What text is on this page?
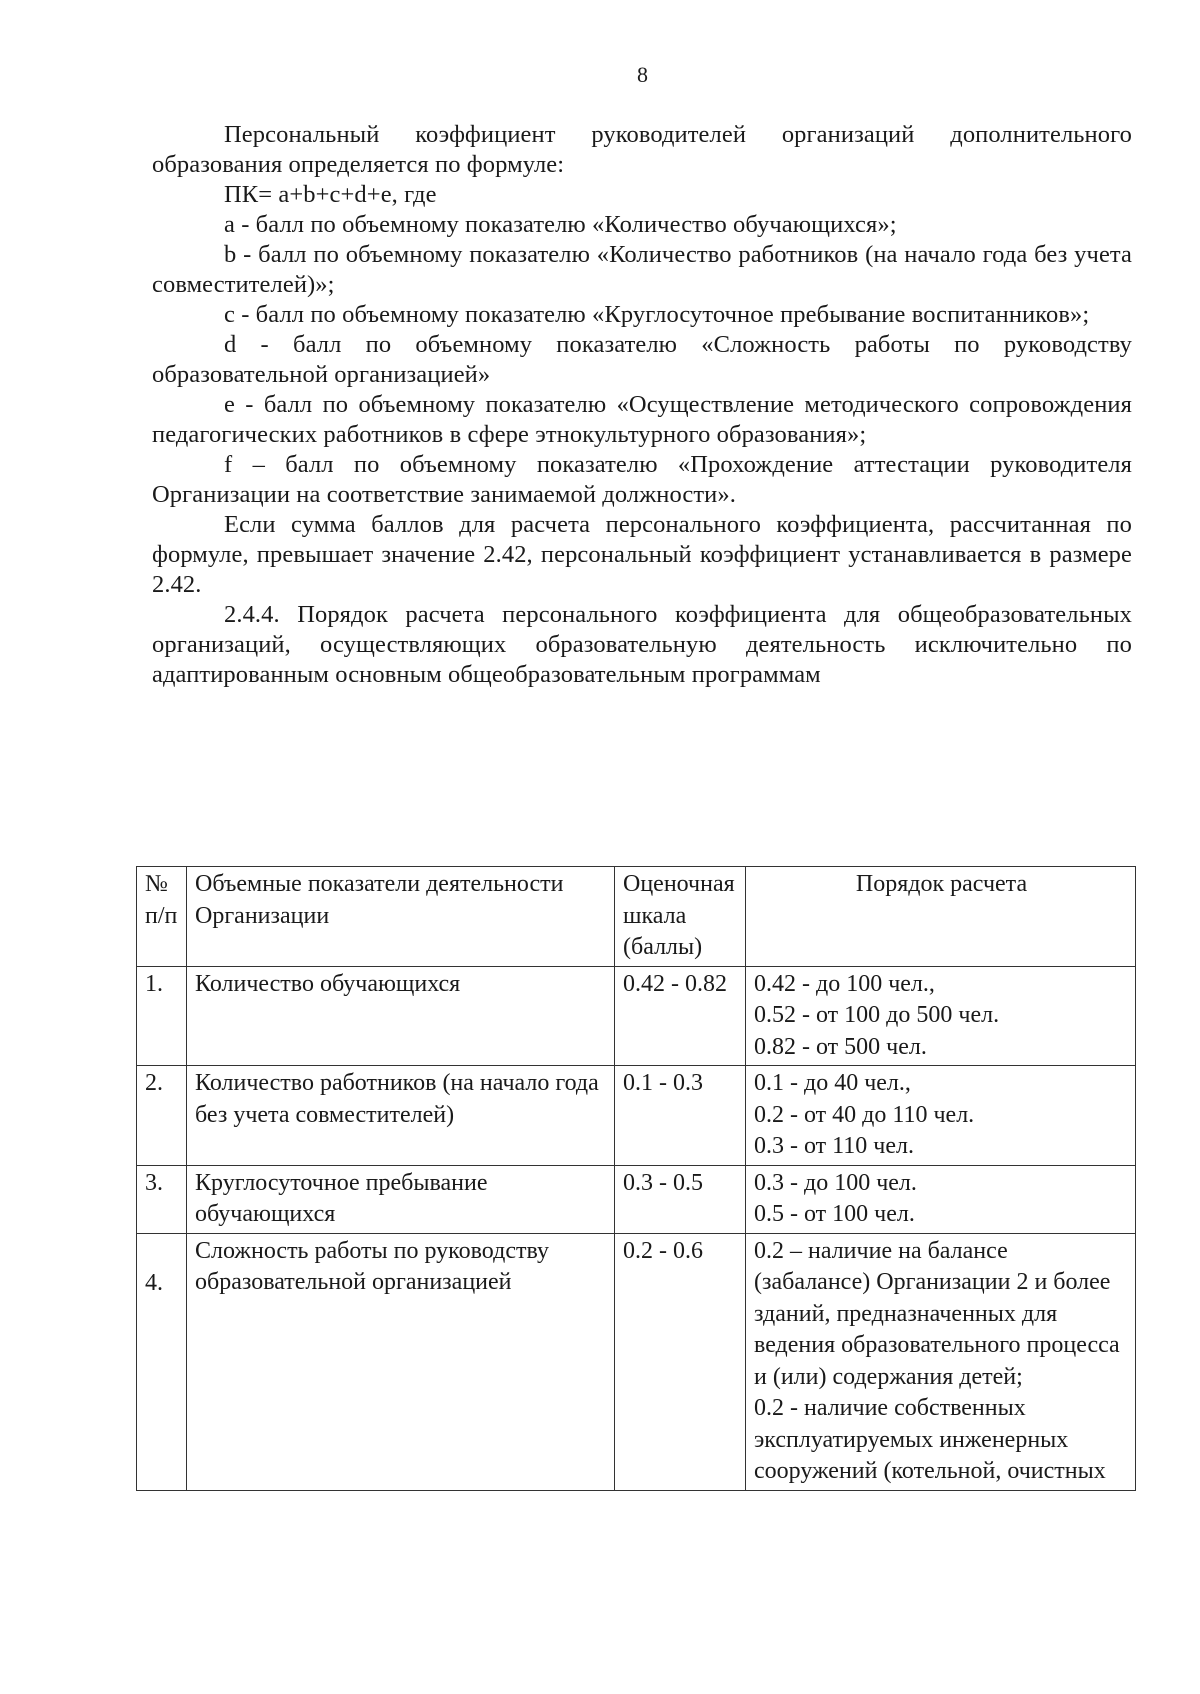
8

Персональный коэффициент руководителей организаций дополнительного образования определяется по формуле:

ПК= a+b+c+d+e, где

a - балл по объемному показателю «Количество обучающихся»;

b - балл по объемному показателю «Количество работников (на начало года без учета совместителей)»;

c - балл по объемному показателю «Круглосуточное пребывание воспитанников»;

d - балл по объемному показателю «Сложность работы по руководству образовательной организацией»

e - балл по объемному показателю «Осуществление методического сопровождения педагогических работников в сфере этнокультурного образования»;

f – балл по объемному показателю «Прохождение аттестации руководителя Организации на соответствие занимаемой должности».

Если сумма баллов для расчета персонального коэффициента, рассчитанная по формуле, превышает значение 2.42, персональный коэффициент устанавливается в размере 2.42.

2.4.4. Порядок расчета персонального коэффициента для общеобразовательных организаций, осуществляющих образовательную деятельность исключительно по адаптированным основным общеобразовательным программам

№ п/п	Объемные показатели деятельности Организации	Оценочная шкала (баллы)	Порядок расчета
1.	Количество обучающихся	0.42 - 0.82	0.42 - до 100 чел.,
0.52 - от 100 до 500 чел.
0.82 - от 500 чел.

2.	Количество работников (на начало года без учета совместителей)	0.1 - 0.3	0.1 - до 40 чел.,
0.2 - от 40 до 110 чел.
0.3 - от 110 чел.

3.	Круглосуточное пребывание обучающихся	0.3 - 0.5	0.3 - до 100 чел.
0.5 - от 100 чел.

4.	Сложность работы по руководству образовательной организацией	0.2 - 0.6	0.2 – наличие на балансе (забалансе) Организации 2 и более зданий, предназначенных для ведения образовательного процесса и (или) содержания детей;
0.2 - наличие собственных эксплуатируемых инженерных сооружений (котельной, очистных
